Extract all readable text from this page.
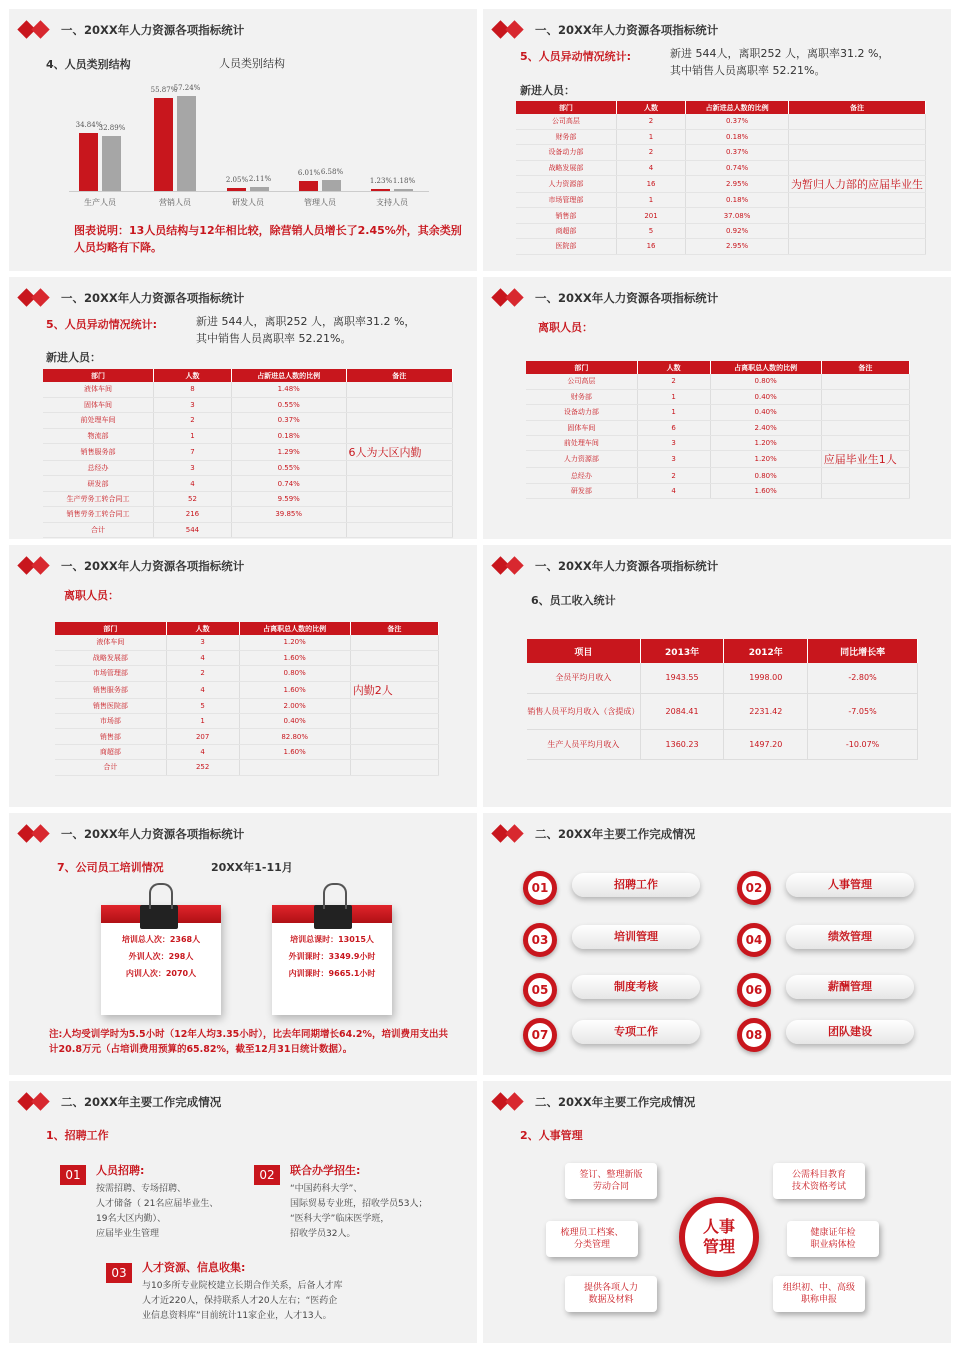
一、20XX年人力资源各项指标统计
4、人员类别结构	人员类别结构
34.84%
32.89%
生产人员
55.87%
57.24%
营销人员
2.05% 2.11%
研发人员
6.01% 6.58%
管理人员
1.23% 1.18%
支持人员
图表说明：13人员结构与12年相比较，除营销人员增长了2.45%外，其余类别人员均略有下降。
一、20XX年人力资源各项指标统计
5、人员异动情况统计:	新进 544人，离职252 人，离职率31.2 %，
其中销售人员离职率 52.21%。
新进人员：
部门	人数	占新进总人数的比例	备注
公司高层	2	0.37%	
财务部	1	0.18%	
设备动力部	2	0.37%	
战略发展部	4	0.74%	
人力资源部	16	2.95%	为暂归人力部的应届毕业生
市场管理部	1	0.18%	
销售部	201	37.08%	
商超部	5	0.92%	
医院部	16	2.95%	
一、20XX年人力资源各项指标统计
5、人员异动情况统计:	新进 544人，离职252 人，离职率31.2 %，
其中销售人员离职率 52.21%。
新进人员：
部门	人数	占新进总人数的比例	备注
液体车间	8	1.48%	
固体车间	3	0.55%	
前处理车间	2	0.37%	
物流部	1	0.18%	
销售服务部	7	1.29%	6人为大区内勤
总经办	3	0.55%	
研发部	4	0.74%	
生产劳务工转合同工	52	9.59%	
销售劳务工转合同工	216	39.85%	
合计	544		
一、20XX年人力资源各项指标统计
离职人员：
部门	人数	占离职总人数的比例	备注
公司高层	2	0.80%	
财务部	1	0.40%	
设备动力部	1	0.40%	
固体车间	6	2.40%	
前处理车间	3	1.20%	
人力资源部	3	1.20%	应届毕业生1人
总经办	2	0.80%	
研发部	4	1.60%	
一、20XX年人力资源各项指标统计
离职人员：
部门	人数	占离职总人数的比例	备注
液体车间	3	1.20%	
战略发展部	4	1.60%	
市场管理部	2	0.80%	
销售服务部	4	1.60%	内勤2人
销售医院部	5	2.00%	
市场部	1	0.40%	
销售部	207	82.80%	
商超部	4	1.60%	
合计	252		
一、20XX年人力资源各项指标统计
6、员工收入统计
项目	2013年	2012年	同比增长率
全员平均月收入	1943.55	1998.00	-2.80%
销售人员平均月收入（含提成）	2084.41	2231.42	-7.05%
生产人员平均月收入	1360.23	1497.20	-10.07%
一、20XX年人力资源各项指标统计
7、公司员工培训情况	20XX年1-11月
培训总人次：2368人
外训人次：298人
内训人次：2070人
培训总课时：13015人
外训课时：3349.9小时
内训课时：9665.1小时
注:人均受训学时为5.5小时（12年人均3.35小时），比去年同期增长64.2%，培训费用支出共计20.8万元（占培训费用预算的65.82%，截至12月31日统计数据）。
二、20XX年主要工作完成情况
01	招聘工作	02	人事管理
03	培训管理	04	绩效管理
05	制度考核	06	薪酬管理
07	专项工作	08	团队建设
二、20XX年主要工作完成情况
1、招聘工作
01	人员招聘:
按需招聘、专场招聘、
人才储备（ 21名应届毕业生、
19名大区内勤）、
应届毕业生管理
02	联合办学招生:
“中国药科大学”、
国际贸易专业班，招收学员53人；
“医科大学”临床医学班，
招收学员32人。
03	人才资源、信息收集:
与10多所专业院校建立长期合作关系，后备人才库
人才近220人，保持联系人才20人左右；“医药企
业信息资料库”目前统计11家企业，人才13人。
二、20XX年主要工作完成情况
2、人事管理
人事
管理
签订、整理新版
劳动合同
公需科目教育
技术资格考试
梳理员工档案、
分类管理
健康证年检
职业病体检
提供各项人力
数据及材料
组织初、中、高级
职称申报
